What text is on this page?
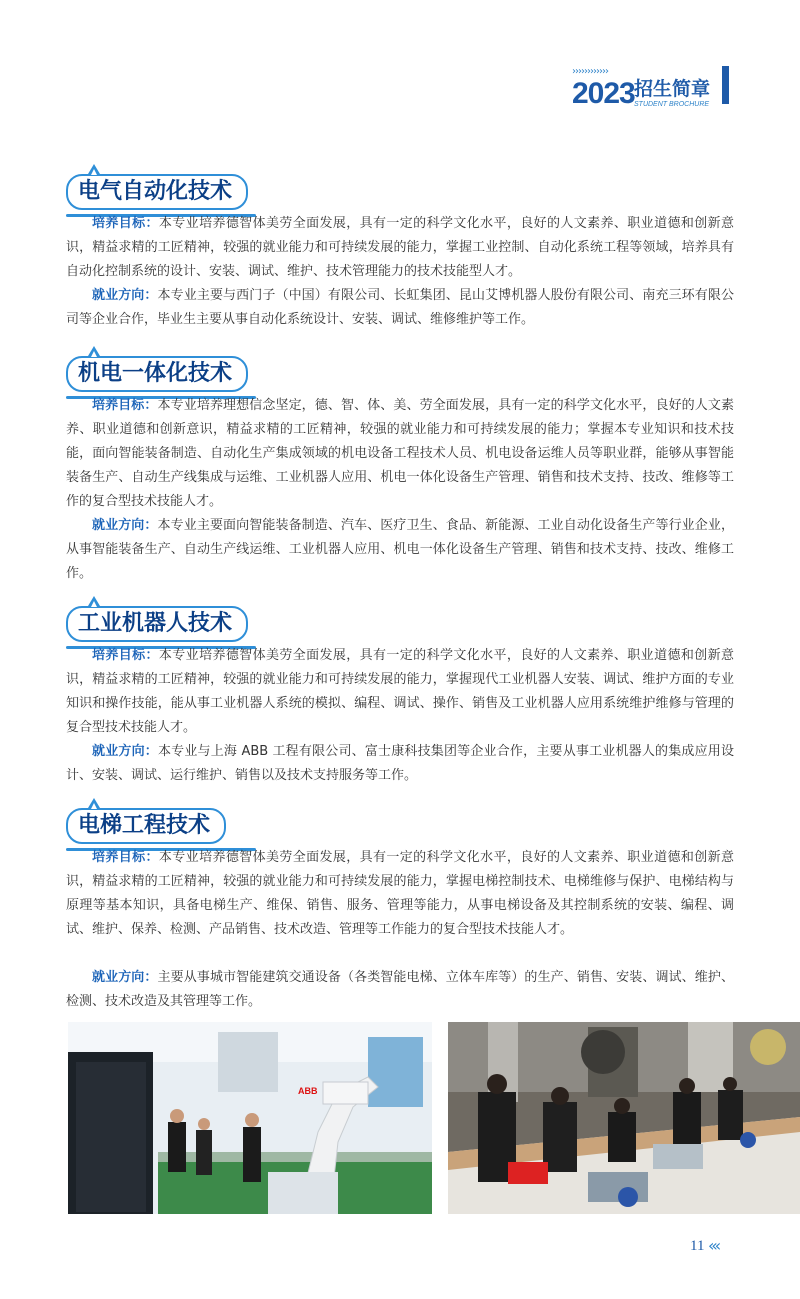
››››››››››››
2023 招生简章
STUDENT BROCHURE
电气自动化技术

培养目标：本专业培养德智体美劳全面发展，具有一定的科学文化水平，良好的人文素养、职业道德和创新意识，精益求精的工匠精神，较强的就业能力和可持续发展的能力，掌握工业控制、自动化系统工程等领域，培养具有自动化控制系统的设计、安装、调试、维护、技术管理能力的技术技能型人才。

就业方向：本专业主要与西门子（中国）有限公司、长虹集团、昆山艾博机器人股份有限公司、南充三环有限公司等企业合作，毕业生主要从事自动化系统设计、安装、调试、维修维护等工作。

机电一体化技术

培养目标：本专业培养理想信念坚定，德、智、体、美、劳全面发展，具有一定的科学文化水平，良好的人文素养、职业道德和创新意识，精益求精的工匠精神，较强的就业能力和可持续发展的能力；掌握本专业知识和技术技能，面向智能装备制造、自动化生产集成领域的机电设备工程技术人员、机电设备运维人员等职业群，能够从事智能装备生产、自动生产线集成与运维、工业机器人应用、机电一体化设备生产管理、销售和技术支持、技改、维修等工作的复合型技术技能人才。

就业方向：本专业主要面向智能装备制造、汽车、医疗卫生、食品、新能源、工业自动化设备生产等行业企业，从事智能装备生产、自动生产线运维、工业机器人应用、机电一体化设备生产管理、销售和技术支持、技改、维修工作。

工业机器人技术

培养目标：本专业培养德智体美劳全面发展，具有一定的科学文化水平，良好的人文素养、职业道德和创新意识，精益求精的工匠精神，较强的就业能力和可持续发展的能力，掌握现代工业机器人安装、调试、维护方面的专业知识和操作技能，能从事工业机器人系统的模拟、编程、调试、操作、销售及工业机器人应用系统维护维修与管理的复合型技术技能人才。

就业方向：本专业与上海 ABB 工程有限公司、富士康科技集团等企业合作，主要从事工业机器人的集成应用设计、安装、调试、运行维护、销售以及技术支持服务等工作。

电梯工程技术

培养目标：本专业培养德智体美劳全面发展，具有一定的科学文化水平，良好的人文素养、职业道德和创新意识，精益求精的工匠精神，较强的就业能力和可持续发展的能力，掌握电梯控制技术、电梯维修与保护、电梯结构与原理等基本知识，具备电梯生产、维保、销售、服务、管理等能力，从事电梯设备及其控制系统的安装、编程、调试、维护、保养、检测、产品销售、技术改造、管理等工作能力的复合型技术技能人才。

就业方向：主要从事城市智能建筑交通设备（各类智能电梯、立体车库等）的生产、销售、安装、调试、维护、检测、技术改造及其管理等工作。

ABB
11 ‹‹‹
